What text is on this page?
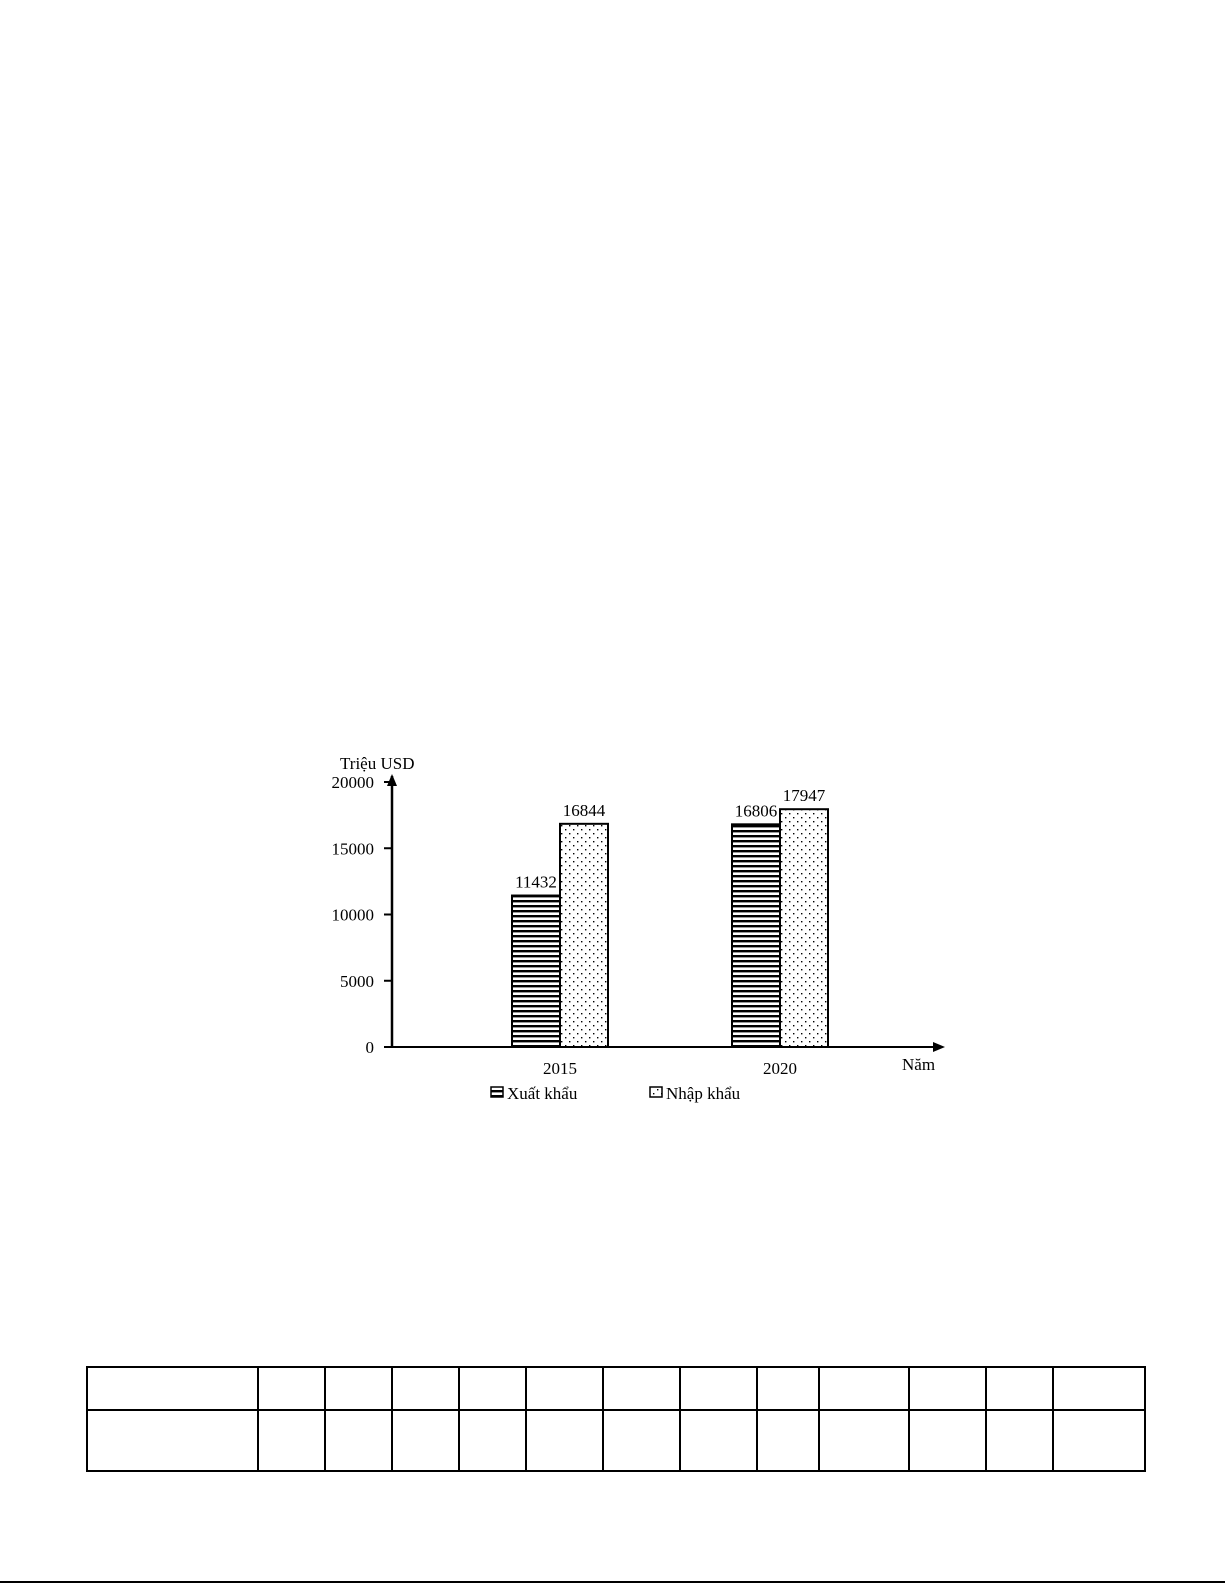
0
5000
10000
15000
20000
Triệu USD
Năm
2015	2020
11432
16806
16844
17947
Xuất khẩu	Nhập khẩu
